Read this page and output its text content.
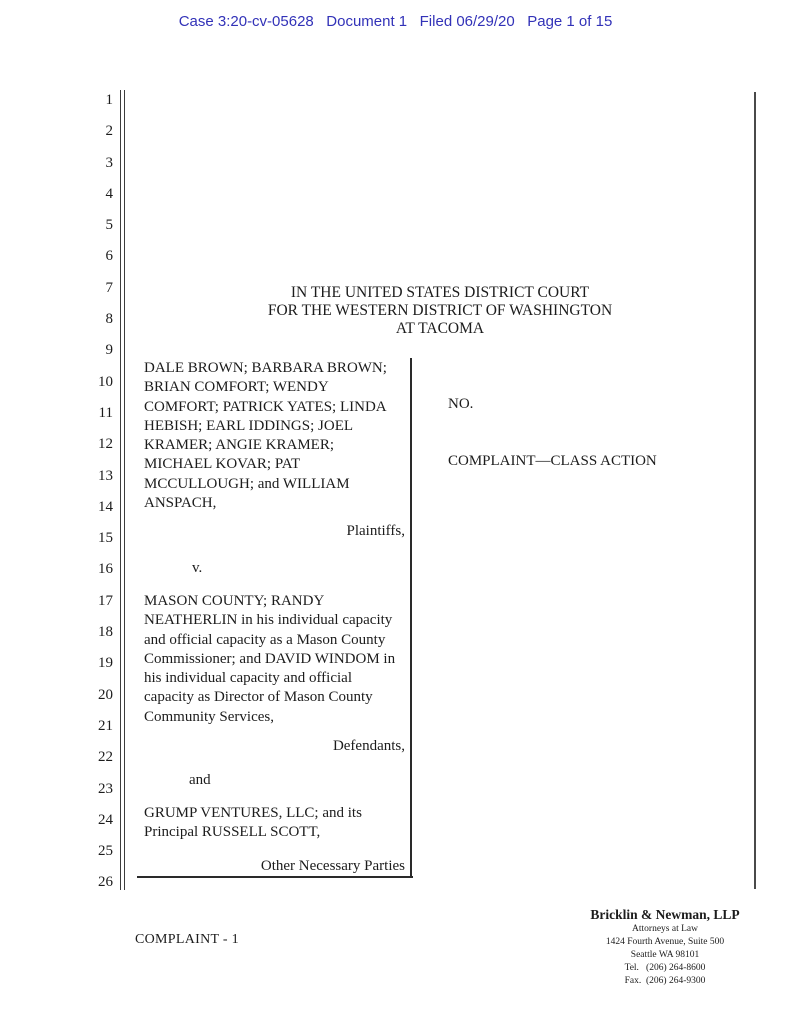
Case 3:20-cv-05628   Document 1   Filed 06/29/20   Page 1 of 15
1
2
3
4
5
6
7
8
9
10
11
12
13
14
15
16
17
18
19
20
21
22
23
24
25
26
IN THE UNITED STATES DISTRICT COURT
FOR THE WESTERN DISTRICT OF WASHINGTON
AT TACOMA
DALE BROWN; BARBARA BROWN;
BRIAN COMFORT; WENDY
COMFORT; PATRICK YATES; LINDA
HEBISH; EARL IDDINGS; JOEL
KRAMER; ANGIE KRAMER;
MICHAEL KOVAR; PAT
MCCULLOUGH; and WILLIAM
ANSPACH,
Plaintiffs,
v.
MASON COUNTY; RANDY
NEATHERLIN in his individual capacity
and official capacity as a Mason County
Commissioner; and DAVID WINDOM in
his individual capacity and official
capacity as Director of Mason County
Community Services,
Defendants,
and
GRUMP VENTURES, LLC; and its
Principal RUSSELL SCOTT,
Other Necessary Parties
NO.
COMPLAINT—CLASS ACTION
COMPLAINT - 1
Bricklin & Newman, LLP
Attorneys at Law
1424 Fourth Avenue, Suite 500
Seattle WA 98101
Tel.   (206) 264-8600
Fax.  (206) 264-9300
